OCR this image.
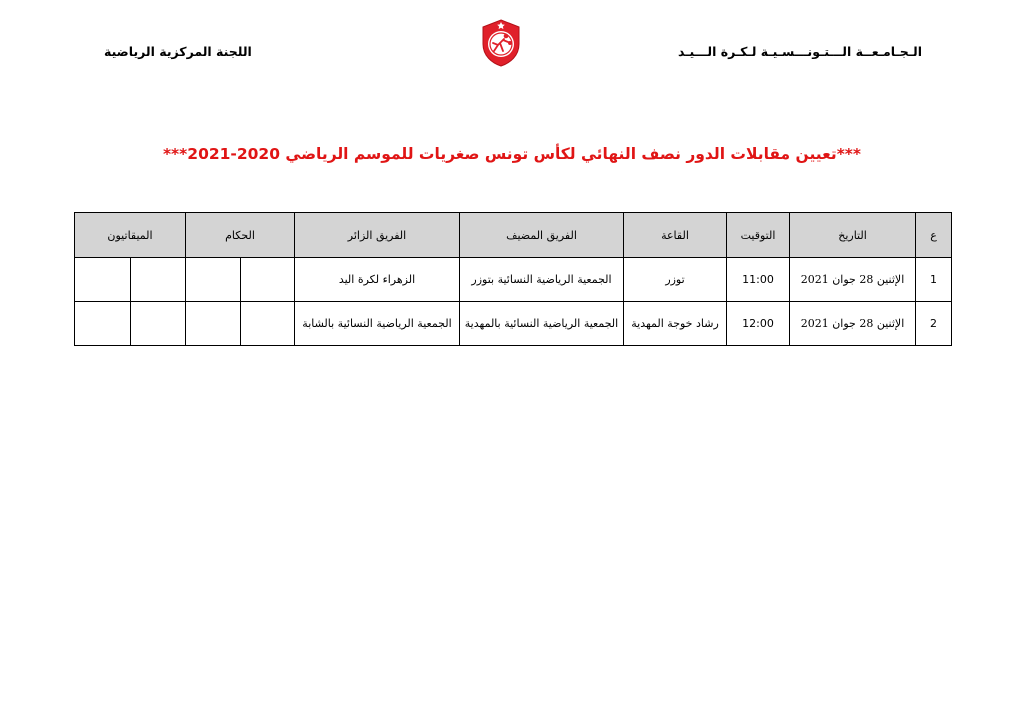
الـجـامـعــة الـــتـونـــسـيـة لـكـرة الـــيـد
اللجنة المركزية الرياضية
***تعيين مقابلات الدور نصف النهائي لكأس تونس صغريات للموسم الرياضي 2020-2021***
ع	التاريخ	التوقيت	القاعة	الفريق المضيف	الفريق الزائر	الحكام		الميقاتيون	
1	الإثنين 28 جوان 2021	11:00	توزر	الجمعية الرياضية النسائية بتوزر	الزهراء لكرة اليد				
2	الإثنين 28 جوان 2021	12:00	رشاد خوجة المهدية	الجمعية الرياضية النسائية بالمهدية	الجمعية الرياضية النسائية بالشابة				
